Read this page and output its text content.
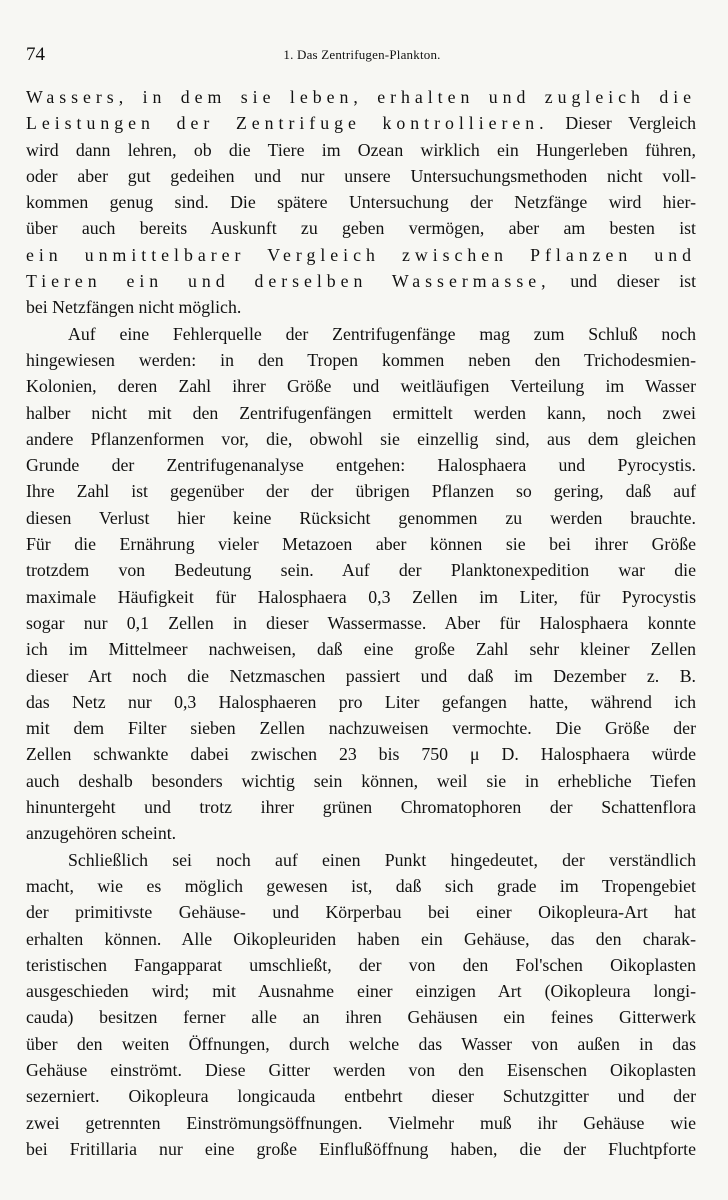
74	1. Das Zentrifugen-Plankton.
Wassers, in dem sie leben, erhalten und zugleich die
Leistungen der Zentrifuge kontrollieren. Dieser Vergleich
wird dann lehren, ob die Tiere im Ozean wirklich ein Hungerleben führen,
oder aber gut gedeihen und nur unsere Untersuchungsmethoden nicht voll-
kommen genug sind. Die spätere Untersuchung der Netzfänge wird hier-
über auch bereits Auskunft zu geben vermögen, aber am besten ist
ein unmittelbarer Vergleich zwischen Pflanzen und
Tieren ein und derselben Wassermasse, und dieser ist
bei Netzfängen nicht möglich.
Auf eine Fehlerquelle der Zentrifugenfänge mag zum Schluß noch
hingewiesen werden: in den Tropen kommen neben den Trichodesmien-
Kolonien, deren Zahl ihrer Größe und weitläufigen Verteilung im Wasser
halber nicht mit den Zentrifugenfängen ermittelt werden kann, noch zwei
andere Pflanzenformen vor, die, obwohl sie einzellig sind, aus dem gleichen
Grunde der Zentrifugenanalyse entgehen: Halosphaera und Pyrocystis.
Ihre Zahl ist gegenüber der der übrigen Pflanzen so gering, daß auf
diesen Verlust hier keine Rücksicht genommen zu werden brauchte.
Für die Ernährung vieler Metazoen aber können sie bei ihrer Größe
trotzdem von Bedeutung sein. Auf der Planktonexpedition war die
maximale Häufigkeit für Halosphaera 0,3 Zellen im Liter, für Pyrocystis
sogar nur 0,1 Zellen in dieser Wassermasse. Aber für Halosphaera konnte
ich im Mittelmeer nachweisen, daß eine große Zahl sehr kleiner Zellen
dieser Art noch die Netzmaschen passiert und daß im Dezember z. B.
das Netz nur 0,3 Halosphaeren pro Liter gefangen hatte, während ich
mit dem Filter sieben Zellen nachzuweisen vermochte. Die Größe der
Zellen schwankte dabei zwischen 23 bis 750 μ D. Halosphaera würde
auch deshalb besonders wichtig sein können, weil sie in erhebliche Tiefen
hinuntergeht und trotz ihrer grünen Chromatophoren der Schattenflora
anzugehören scheint.
Schließlich sei noch auf einen Punkt hingedeutet, der verständlich
macht, wie es möglich gewesen ist, daß sich grade im Tropengebiet
der primitivste Gehäuse- und Körperbau bei einer Oikopleura-Art hat
erhalten können. Alle Oikopleuriden haben ein Gehäuse, das den charak-
teristischen Fangapparat umschließt, der von den Fol'schen Oikoplasten
ausgeschieden wird; mit Ausnahme einer einzigen Art (Oikopleura longi-
cauda) besitzen ferner alle an ihren Gehäusen ein feines Gitterwerk
über den weiten Öffnungen, durch welche das Wasser von außen in das
Gehäuse einströmt. Diese Gitter werden von den Eisenschen Oikoplasten
sezerniert. Oikopleura longicauda entbehrt dieser Schutzgitter und der
zwei getrennten Einströmungsöffnungen. Vielmehr muß ihr Gehäuse wie
bei Fritillaria nur eine große Einflußöffnung haben, die der Fluchtpforte
